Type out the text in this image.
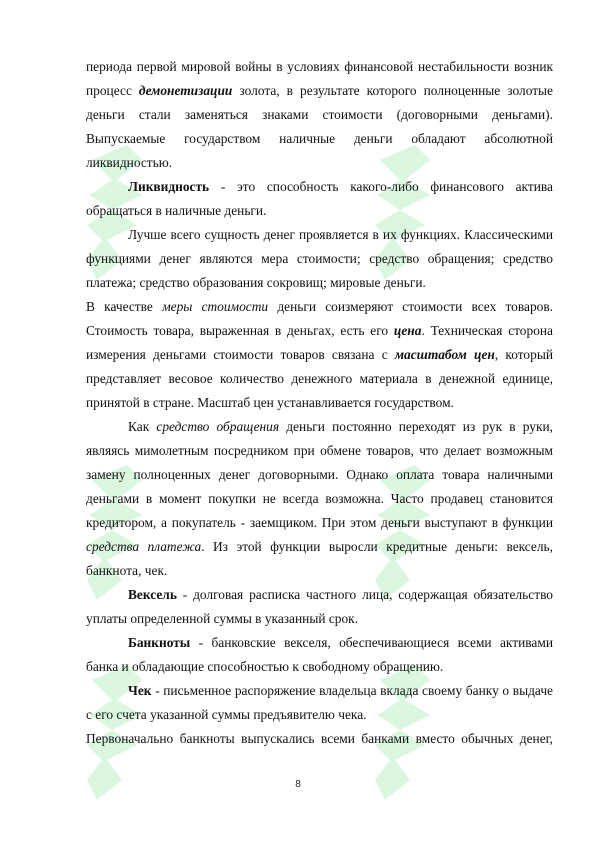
периода первой мировой войны в условиях финансовой нестабильности возник процесс демонетизации золота, в результате которого полноценные золотые деньги стали заменяться знаками стоимости (договорными деньгами). Выпускаемые государством наличные деньги обладают абсолютной ликвидностью.

Ликвидность - это способность какого-либо финансового актива обращаться в наличные деньги.

Лучше всего сущность денег проявляется в их функциях. Классическими функциями денег являются мера стоимости; средство обращения; средство платежа; средство образования сокровищ; мировые деньги.

В качестве меры стоимости деньги соизмеряют стоимости всех товаров. Стоимость товара, выраженная в деньгах, есть его цена. Техническая сторона измерения деньгами стоимости товаров связана с масштабом цен, который представляет весовое количество денежного материала в денежной единице, принятой в стране. Масштаб цен устанавливается государством.

Как средство обращения деньги постоянно переходят из рук в руки, являясь мимолетным посредником при обмене товаров, что делает возможным замену полноценных денег договорными. Однако оплата товара наличными деньгами в момент покупки не всегда возможна. Часто продавец становится кредитором, а покупатель - заемщиком. При этом деньги выступают в функции средства платежа. Из этой функции выросли кредитные деньги: вексель, банкнота, чек.

Вексель - долговая расписка частного лица, содержащая обязательство уплаты определенной суммы в указанный срок.

Банкноты - банковские векселя, обеспечивающиеся всеми активами банка и обладающие способностью к свободному обращению.

Чек - письменное распоряжение владельца вклада своему банку о выдаче с его счета указанной суммы предъявителю чека.

Первоначально банкноты выпускались всеми банками вместо обычных денег,

8
